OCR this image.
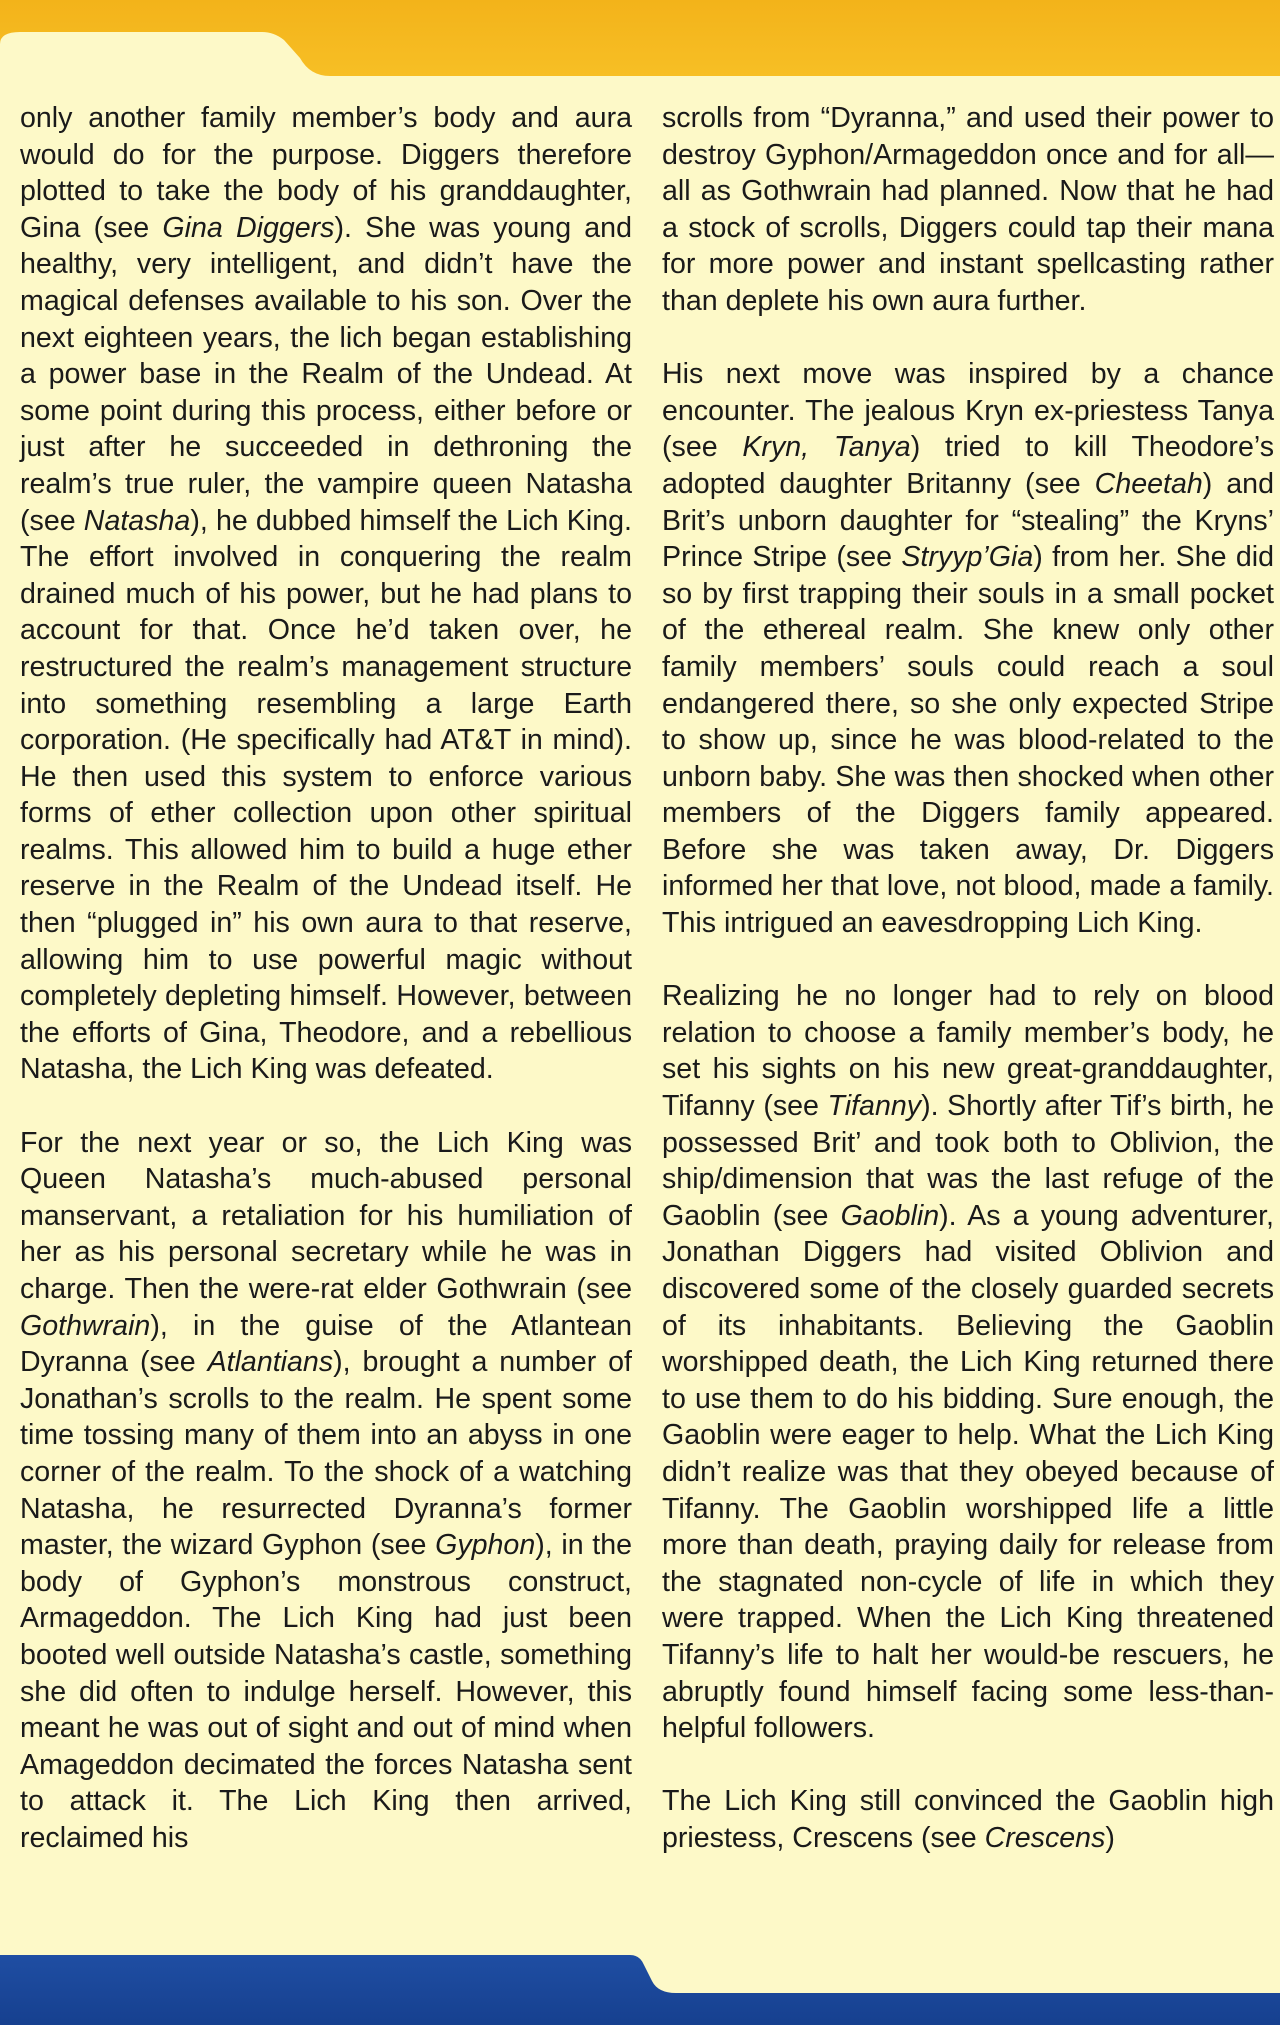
only another family member’s body and aura would do for the purpose. Diggers therefore plotted to take the body of his granddaughter, Gina (see Gina Diggers). She was young and healthy, very intelligent, and didn’t have the magical defenses available to his son. Over the next eighteen years, the lich began establishing a power base in the Realm of the Undead. At some point during this process, either before or just after he succeeded in dethroning the realm’s true ruler, the vampire queen Natasha (see Natasha), he dubbed himself the Lich King. The effort involved in conquering the realm drained much of his power, but he had plans to account for that. Once he’d taken over, he restructured the realm’s management structure into something resembling a large Earth corporation. (He specifically had AT&T in mind). He then used this system to enforce various forms of ether collection upon other spiritual realms. This allowed him to build a huge ether reserve in the Realm of the Undead itself. He then “plugged in” his own aura to that reserve, allowing him to use powerful magic without completely depleting himself. However, between the efforts of Gina, Theodore, and a rebellious Natasha, the Lich King was defeated.

For the next year or so, the Lich King was Queen Natasha’s much-abused personal manservant, a retaliation for his humiliation of her as his personal secretary while he was in charge. Then the were-rat elder Gothwrain (see Gothwrain), in the guise of the Atlantean Dyranna (see Atlantians), brought a number of Jonathan’s scrolls to the realm. He spent some time tossing many of them into an abyss in one corner of the realm. To the shock of a watching Natasha, he resurrected Dyranna’s former master, the wizard Gyphon (see Gyphon), in the body of Gyphon’s monstrous construct, Armageddon. The Lich King had just been booted well outside Natasha’s castle, something she did often to indulge herself. However, this meant he was out of sight and out of mind when Amageddon decimated the forces Natasha sent to attack it. The Lich King then arrived, reclaimed his

scrolls from “Dyranna,” and used their power to destroy Gyphon/Armageddon once and for all—all as Gothwrain had planned. Now that he had a stock of scrolls, Diggers could tap their mana for more power and instant spellcasting rather than deplete his own aura further.

His next move was inspired by a chance encounter. The jealous Kryn ex-priestess Tanya (see Kryn, Tanya) tried to kill Theodore’s adopted daughter Britanny (see Cheetah) and Brit’s unborn daughter for “stealing” the Kryns’ Prince Stripe (see Stryyp’Gia) from her. She did so by first trapping their souls in a small pocket of the ethereal realm. She knew only other family members’ souls could reach a soul endangered there, so she only expected Stripe to show up, since he was blood-related to the unborn baby. She was then shocked when other members of the Diggers family appeared. Before she was taken away, Dr. Diggers informed her that love, not blood, made a family. This intrigued an eavesdropping Lich King.

Realizing he no longer had to rely on blood relation to choose a family member’s body, he set his sights on his new great-granddaughter, Tifanny (see Tifanny). Shortly after Tif’s birth, he possessed Brit’ and took both to Oblivion, the ship/dimension that was the last refuge of the Gaoblin (see Gaoblin). As a young adventurer, Jonathan Diggers had visited Oblivion and discovered some of the closely guarded secrets of its inhabitants. Believing the Gaoblin worshipped death, the Lich King returned there to use them to do his bidding. Sure enough, the Gaoblin were eager to help. What the Lich King didn’t realize was that they obeyed because of Tifanny. The Gaoblin worshipped life a little more than death, praying daily for release from the stagnated non-cycle of life in which they were trapped. When the Lich King threatened Tifanny’s life to halt her would-be rescuers, he abruptly found himself facing some less-than-helpful followers.

The Lich King still convinced the Gaoblin high priestess, Crescens (see Crescens)
